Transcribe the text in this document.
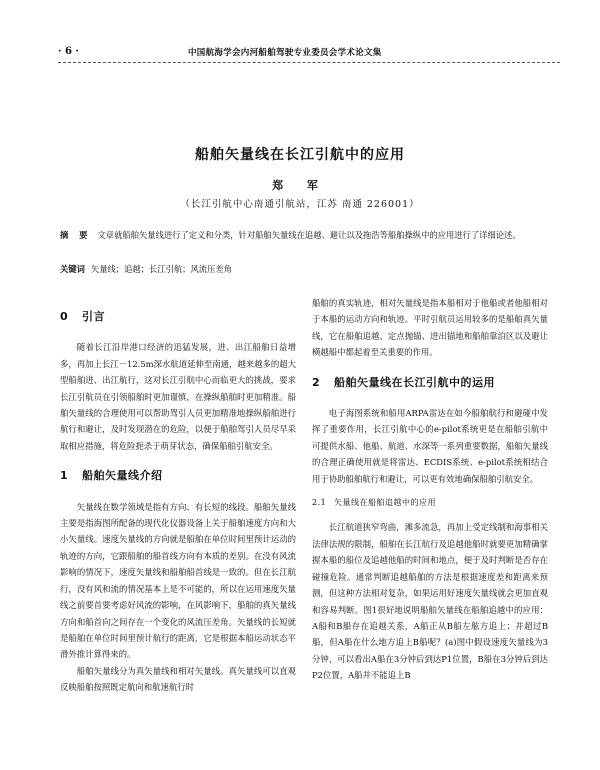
· 6 ·	中国航海学会内河船舶驾驶专业委员会学术论文集
船舶矢量线在长江引航中的应用
郑 军
（长江引航中心南通引航站，江苏 南通 226001）
摘 要 文章就船舶矢量线进行了定义和分类，针对船舶矢量线在追越、避让以及拖浩等船舶操纵中的应用进行了详细论述。
关键词 矢量线；追越；长江引航；风流压差角
0 引言

随着长江沿岸港口经济的迅猛发展，进、出江船舶日益增多，再加上长江－12.5m深水航道延伸至南通，越来越多的超大型船舶进、出江航行，这对长江引航中心而临更大的挑战，要求长江引航员在引领船舶时更加谨慎，在操纵船舶时更加精准。船舶矢量线的合理使用可以帮助驾引人员更加精准地操纵船舶进行航行和避让，及时发现潜在的危险，以便于船舶驾引人员尽早采取相应措施，将危险扼杀于萌芽状态，确保船舶引航安全。

1 船舶矢量线介绍

矢量线在数学领域是指有方向、有长短的线段。船舶矢量线主要是指海图所配备的现代化仪器设备上关于船舶速度方向和大小矢量线。速度矢量线的方向就是船舶在单位时间里预计运动的轨迹的方向，它跟船舶的船首线方向有本质的差别。在没有风流影响的情况下，速度矢量线和船舶船首线是一致的。但在长江航行，没有风和流的情况基本上是不可能的，所以在运用速度矢量线之前要首要考虑好风流的影响，在风影响下，船舶的真矢量线方向和船首向之间存在一个变化的风流压差角。矢量线的长短就是船舶在单位时间里预计航行的距离，它是根据本船运动状态平滑外推计算得来的。

船舶矢量线分为真矢量线和相对矢量线。真矢量线可以直观反映船舶按照既定航向和航速航行时

船舶的真实轨迹，相对矢量线是指本船相对于他船或者他船相对于本船的运动方向和轨迹。平时引航员运用较多的是船舶真矢量线，它在船舶追越、定点抛锚、进出锚地和船舶靠泊区以及避让横越船中都起着至关重要的作用。

2 船舶矢量线在长江引航中的运用

电子海图系统和船用ARPA雷达在如今船舶航行和避碰中发挥了重要作用，长江引航中心的e-pilot系统更是在船舶引航中可提供水船、他船、航道、水深等一系列重要数据，船舶矢量线的合理正确使用就是将雷达、ECDIS系统、e-pilot系统相结合用于协助船舶航行和避让，可以更有效地确保船舶引航安全。

2.1 矢量线在船舶追越中的应用

长江航道狭窄弯曲，滩多流急，再加上受定线制和海事相关法律法规的限制，船舶在长江航行及追越他船时就要更加精确掌握本船的船位及追越他船的时间和地点，便于及时判断是否存在碰撞危险。通常判断追越船舶的方法是根据速度差和距离来预测，但这种方法相对复杂，如果运用好速度矢量线就会更加直观和容易判断。图1很好地说明船舶矢量线在船舶追越中的应用：A船和B船存在追越关系，A船正从B船左舷方追上；并超过B船，但A船在什么地方追上B船呢？(a)图中假设速度矢量线为3分钟，可以看出A船在3分钟后到达P1位置，B船在3分钟后到达P2位置，A船并不能追上B
